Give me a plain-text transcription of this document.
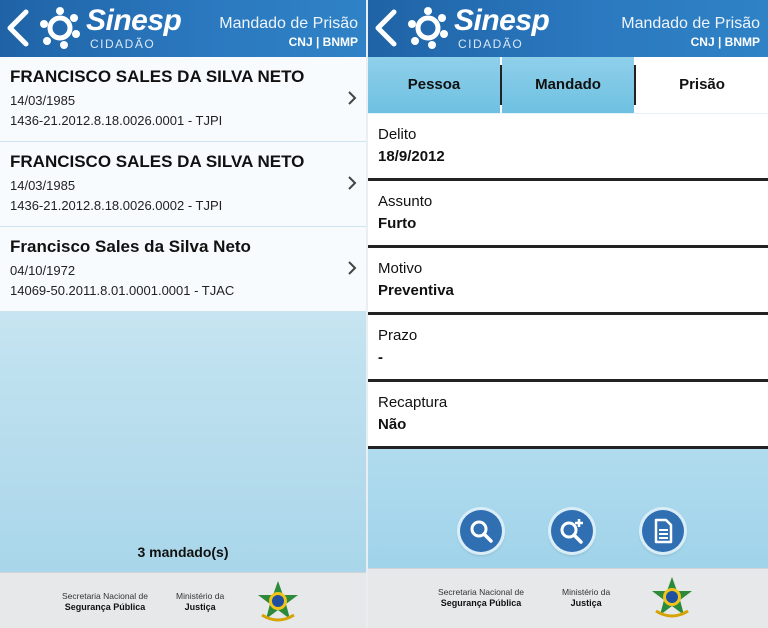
Sinesp
CIDADÃO
Mandado de Prisão
CNJ | BNMP
FRANCISCO SALES DA SILVA NETO
14/03/1985
1436-21.2012.8.18.0026.0001 - TJPI
FRANCISCO SALES DA SILVA NETO
14/03/1985
1436-21.2012.8.18.0026.0002 - TJPI
Francisco Sales da Silva Neto
04/10/1972
14069-50.2011.8.01.0001.0001 - TJAC
3 mandado(s)
Secretaria Nacional de
Segurança Pública
Ministério da
Justiça
Sinesp
CIDADÃO
Mandado de Prisão
CNJ | BNMP
Pessoa	Mandado	Prisão
Delito
18/9/2012
Assunto
Furto
Motivo
Preventiva
Prazo
-
Recaptura
Não
Secretaria Nacional de
Segurança Pública
Ministério da
Justiça
